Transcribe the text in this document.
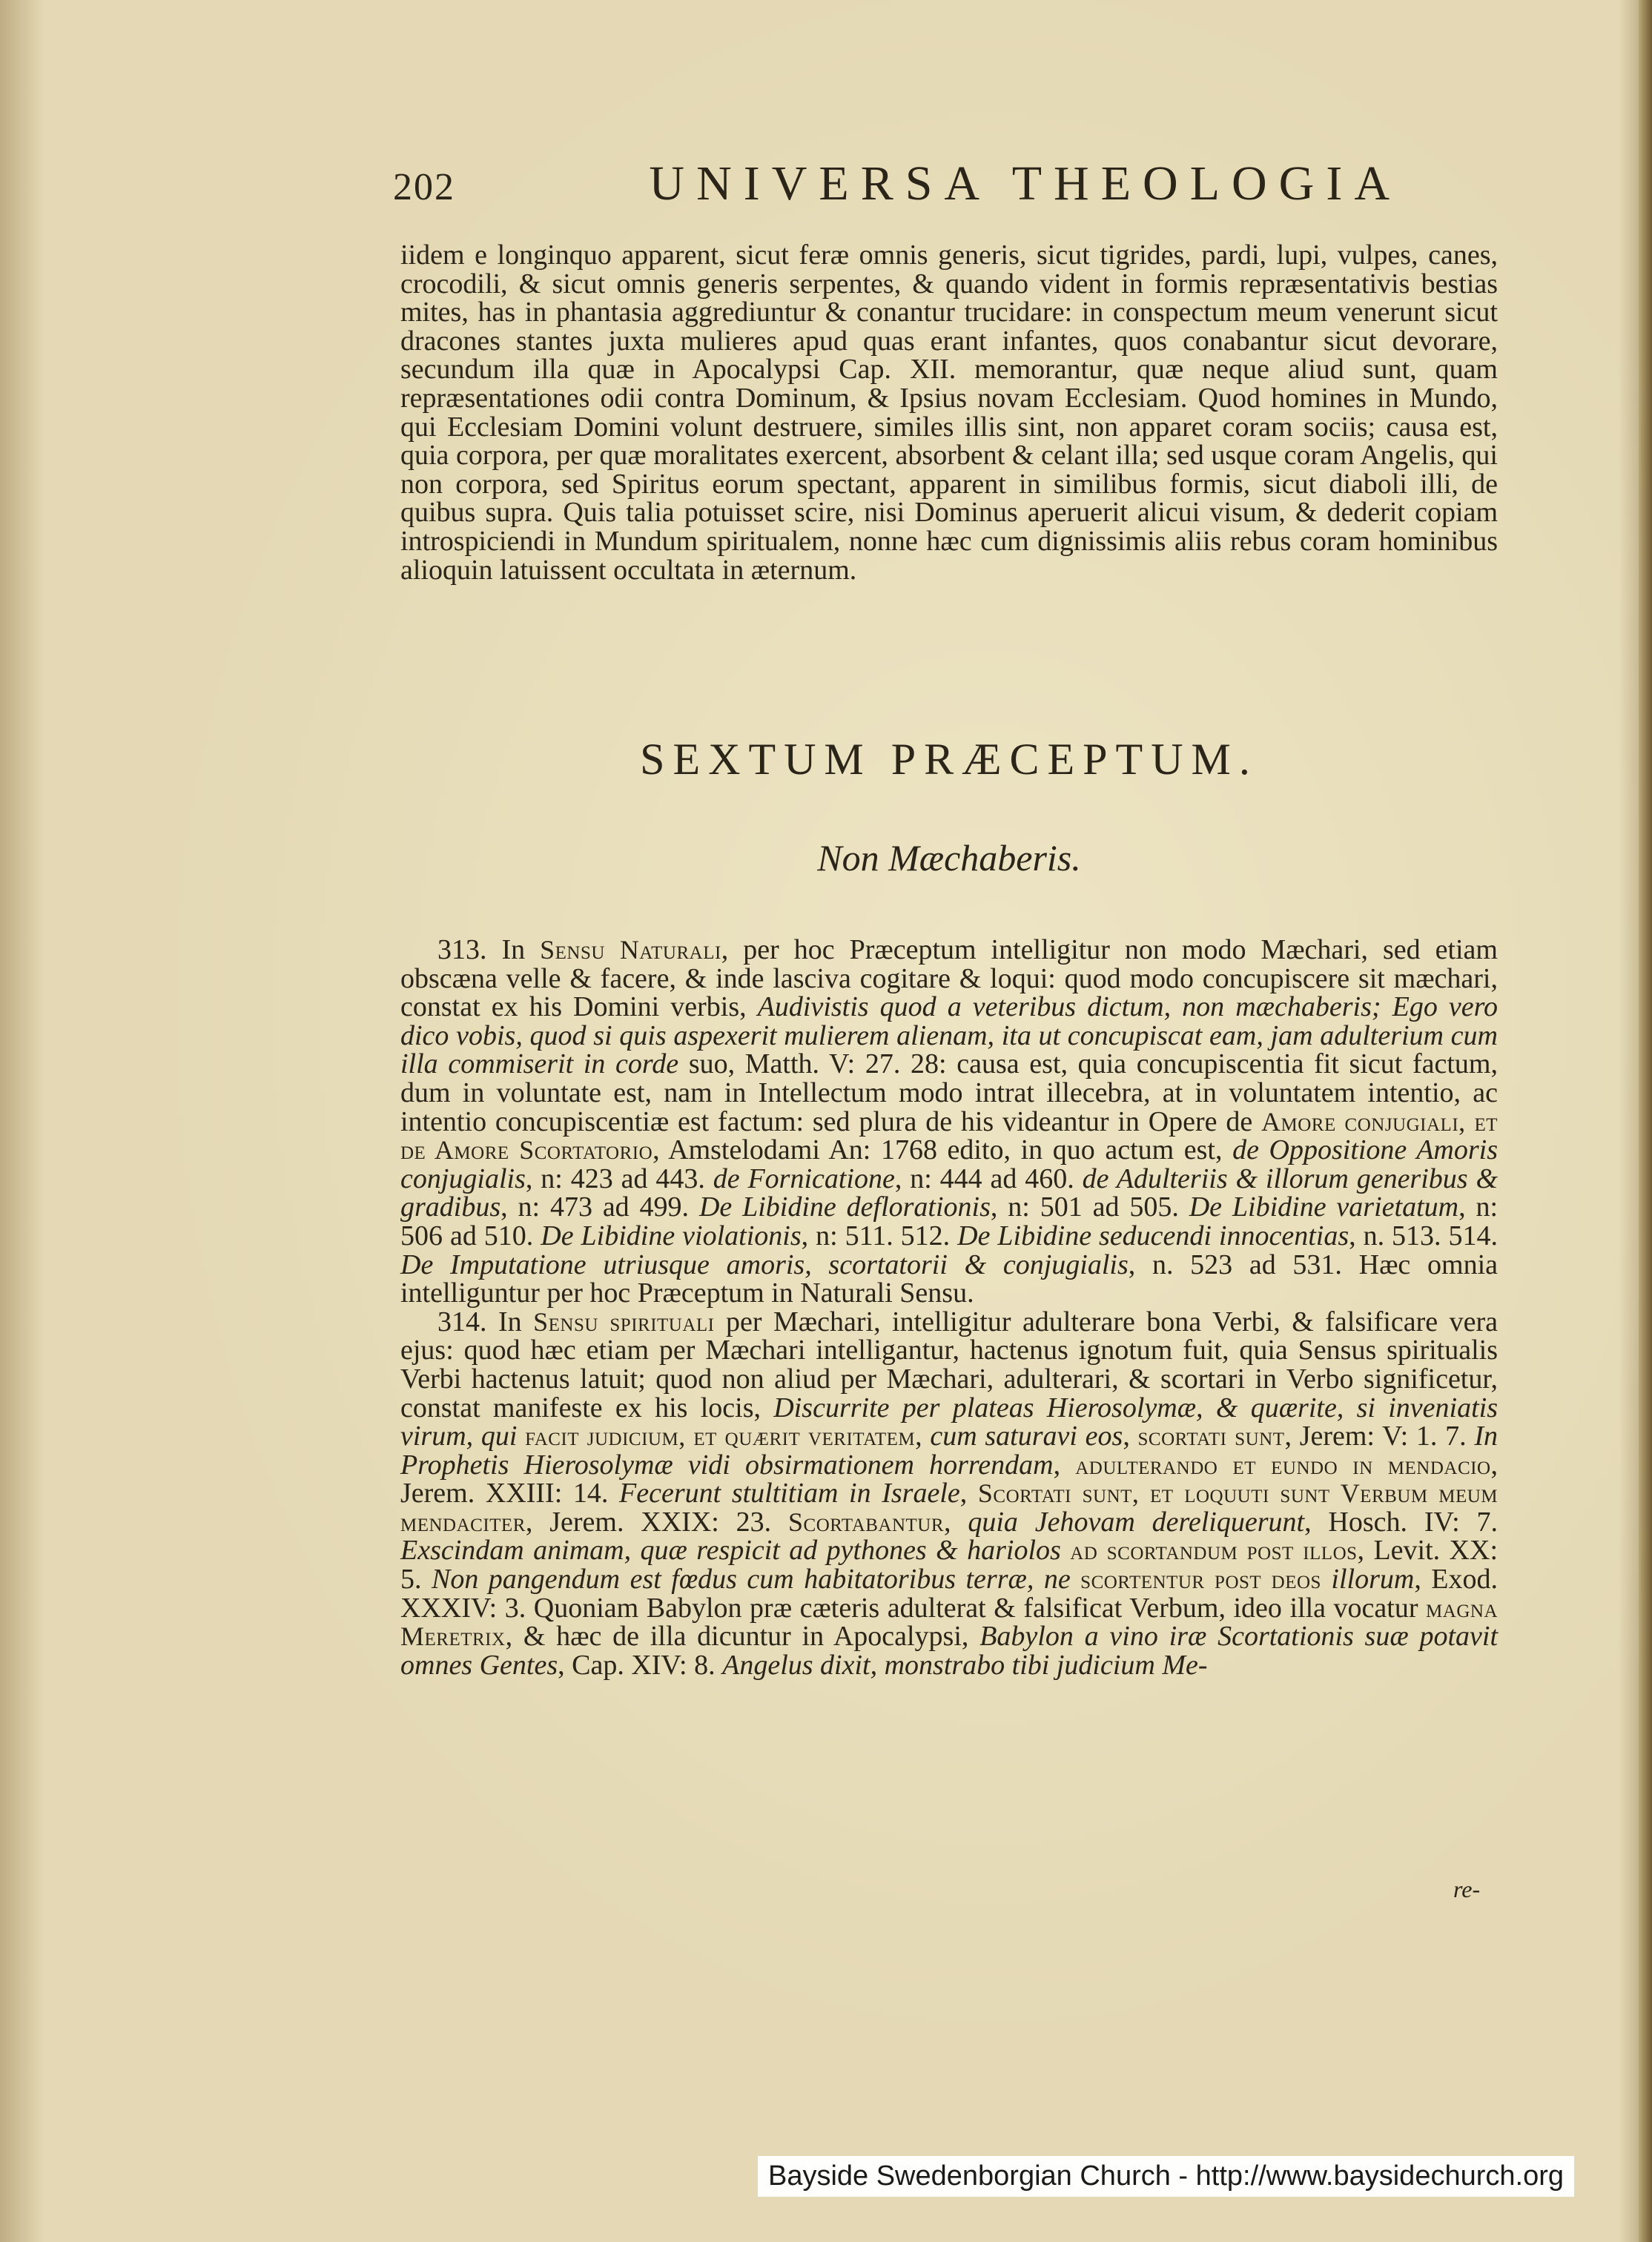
202	UNIVERSA THEOLOGIA

iidem e longinquo apparent, sicut feræ omnis generis, sicut tigrides, pardi, lupi, vulpes, canes, crocodili, & sicut omnis generis serpentes, & quando vident in formis repræsentativis bestias mites, has in phantasia aggrediuntur & conantur trucidare: in conspectum meum venerunt sicut dracones stantes juxta mulieres apud quas erant infantes, quos conabantur sicut devorare, secundum illa quæ in Apocalypsi Cap. XII. memorantur, quæ neque aliud sunt, quam repræsentationes odii contra Dominum, & Ipsius novam Ecclesiam. Quod homines in Mundo, qui Ecclesiam Domini volunt destruere, similes illis sint, non apparet coram sociis; causa est, quia corpora, per quæ moralitates exercent, absorbent & celant illa; sed usque coram Angelis, qui non corpora, sed Spiritus eorum spectant, apparent in similibus formis, sicut diaboli illi, de quibus supra. Quis talia potuisset scire, nisi Dominus aperuerit alicui visum, & dederit copiam introspiciendi in Mundum spiritualem, nonne hæc cum dignissimis aliis rebus coram hominibus alioquin latuissent occultata in æternum.

SEXTUM PRÆCEPTUM.
Non Mæchaberis.

313. In Sensu Naturali, per hoc Præceptum intelligitur non modo Mæchari, sed etiam obscæna velle & facere, & inde lasciva cogitare & loqui: quod modo concupiscere sit mæchari, constat ex his Domini verbis, Audivistis quod a veteribus dictum, non mæchaberis; Ego vero dico vobis, quod si quis aspexerit mulierem alienam, ita ut concupiscat eam, jam adulterium cum illa commiserit in corde suo, Matth. V: 27. 28: causa est, quia concupiscentia fit sicut factum, dum in voluntate est, nam in Intellectum modo intrat illecebra, at in voluntatem intentio, ac intentio concupiscentiæ est factum: sed plura de his videantur in Opere de Amore conjugiali, et de Amore Scortatorio, Amstelodami An: 1768 edito, in quo actum est, de Oppositione Amoris conjugialis, n: 423 ad 443. de Fornicatione, n: 444 ad 460. de Adulteriis & illorum generibus & gradibus, n: 473 ad 499. De Libidine deflorationis, n: 501 ad 505. De Libidine varietatum, n: 506 ad 510. De Libidine violationis, n: 511. 512. De Libidine seducendi innocentias, n. 513. 514. De Imputatione utriusque amoris, scortatorii & conjugialis, n. 523 ad 531. Hæc omnia intelliguntur per hoc Præceptum in Naturali Sensu.

314. In Sensu spirituali per Mæchari, intelligitur adulterare bona Verbi, & falsificare vera ejus: quod hæc etiam per Mæchari intelligantur, hactenus ignotum fuit, quia Sensus spiritualis Verbi hactenus latuit; quod non aliud per Mæchari, adulterari, & scortari in Verbo significetur, constat manifeste ex his locis, Discurrite per plateas Hierosolymæ, & quærite, si inveniatis virum, qui facit judicium, et quærit veritatem, cum saturavi eos, scortati sunt, Jerem: V: 1. 7. In Prophetis Hierosolymæ vidi obsirmationem horrendam, adulterando et eundo in mendacio, Jerem. XXIII: 14. Fecerunt stultitiam in Israele, Scortati sunt, et loquuti sunt Verbum meum mendaciter, Jerem. XXIX: 23. Scortabantur, quia Jehovam dereliquerunt, Hosch. IV: 7. Exscindam animam, quæ respicit ad pythones & hariolos ad scortandum post illos, Levit. XX: 5. Non pangendum est fœdus cum habitatoribus terræ, ne scortentur post deos illorum, Exod. XXXIV: 3. Quoniam Babylon præ cæteris adulterat & falsificat Verbum, ideo illa vocatur magna Meretrix, & hæc de illa dicuntur in Apocalypsi, Babylon a vino iræ Scortationis suæ potavit omnes Gentes, Cap. XIV: 8. Angelus dixit, monstrabo tibi judicium Me-

re-
Bayside Swedenborgian Church - http://www.baysidechurch.org
